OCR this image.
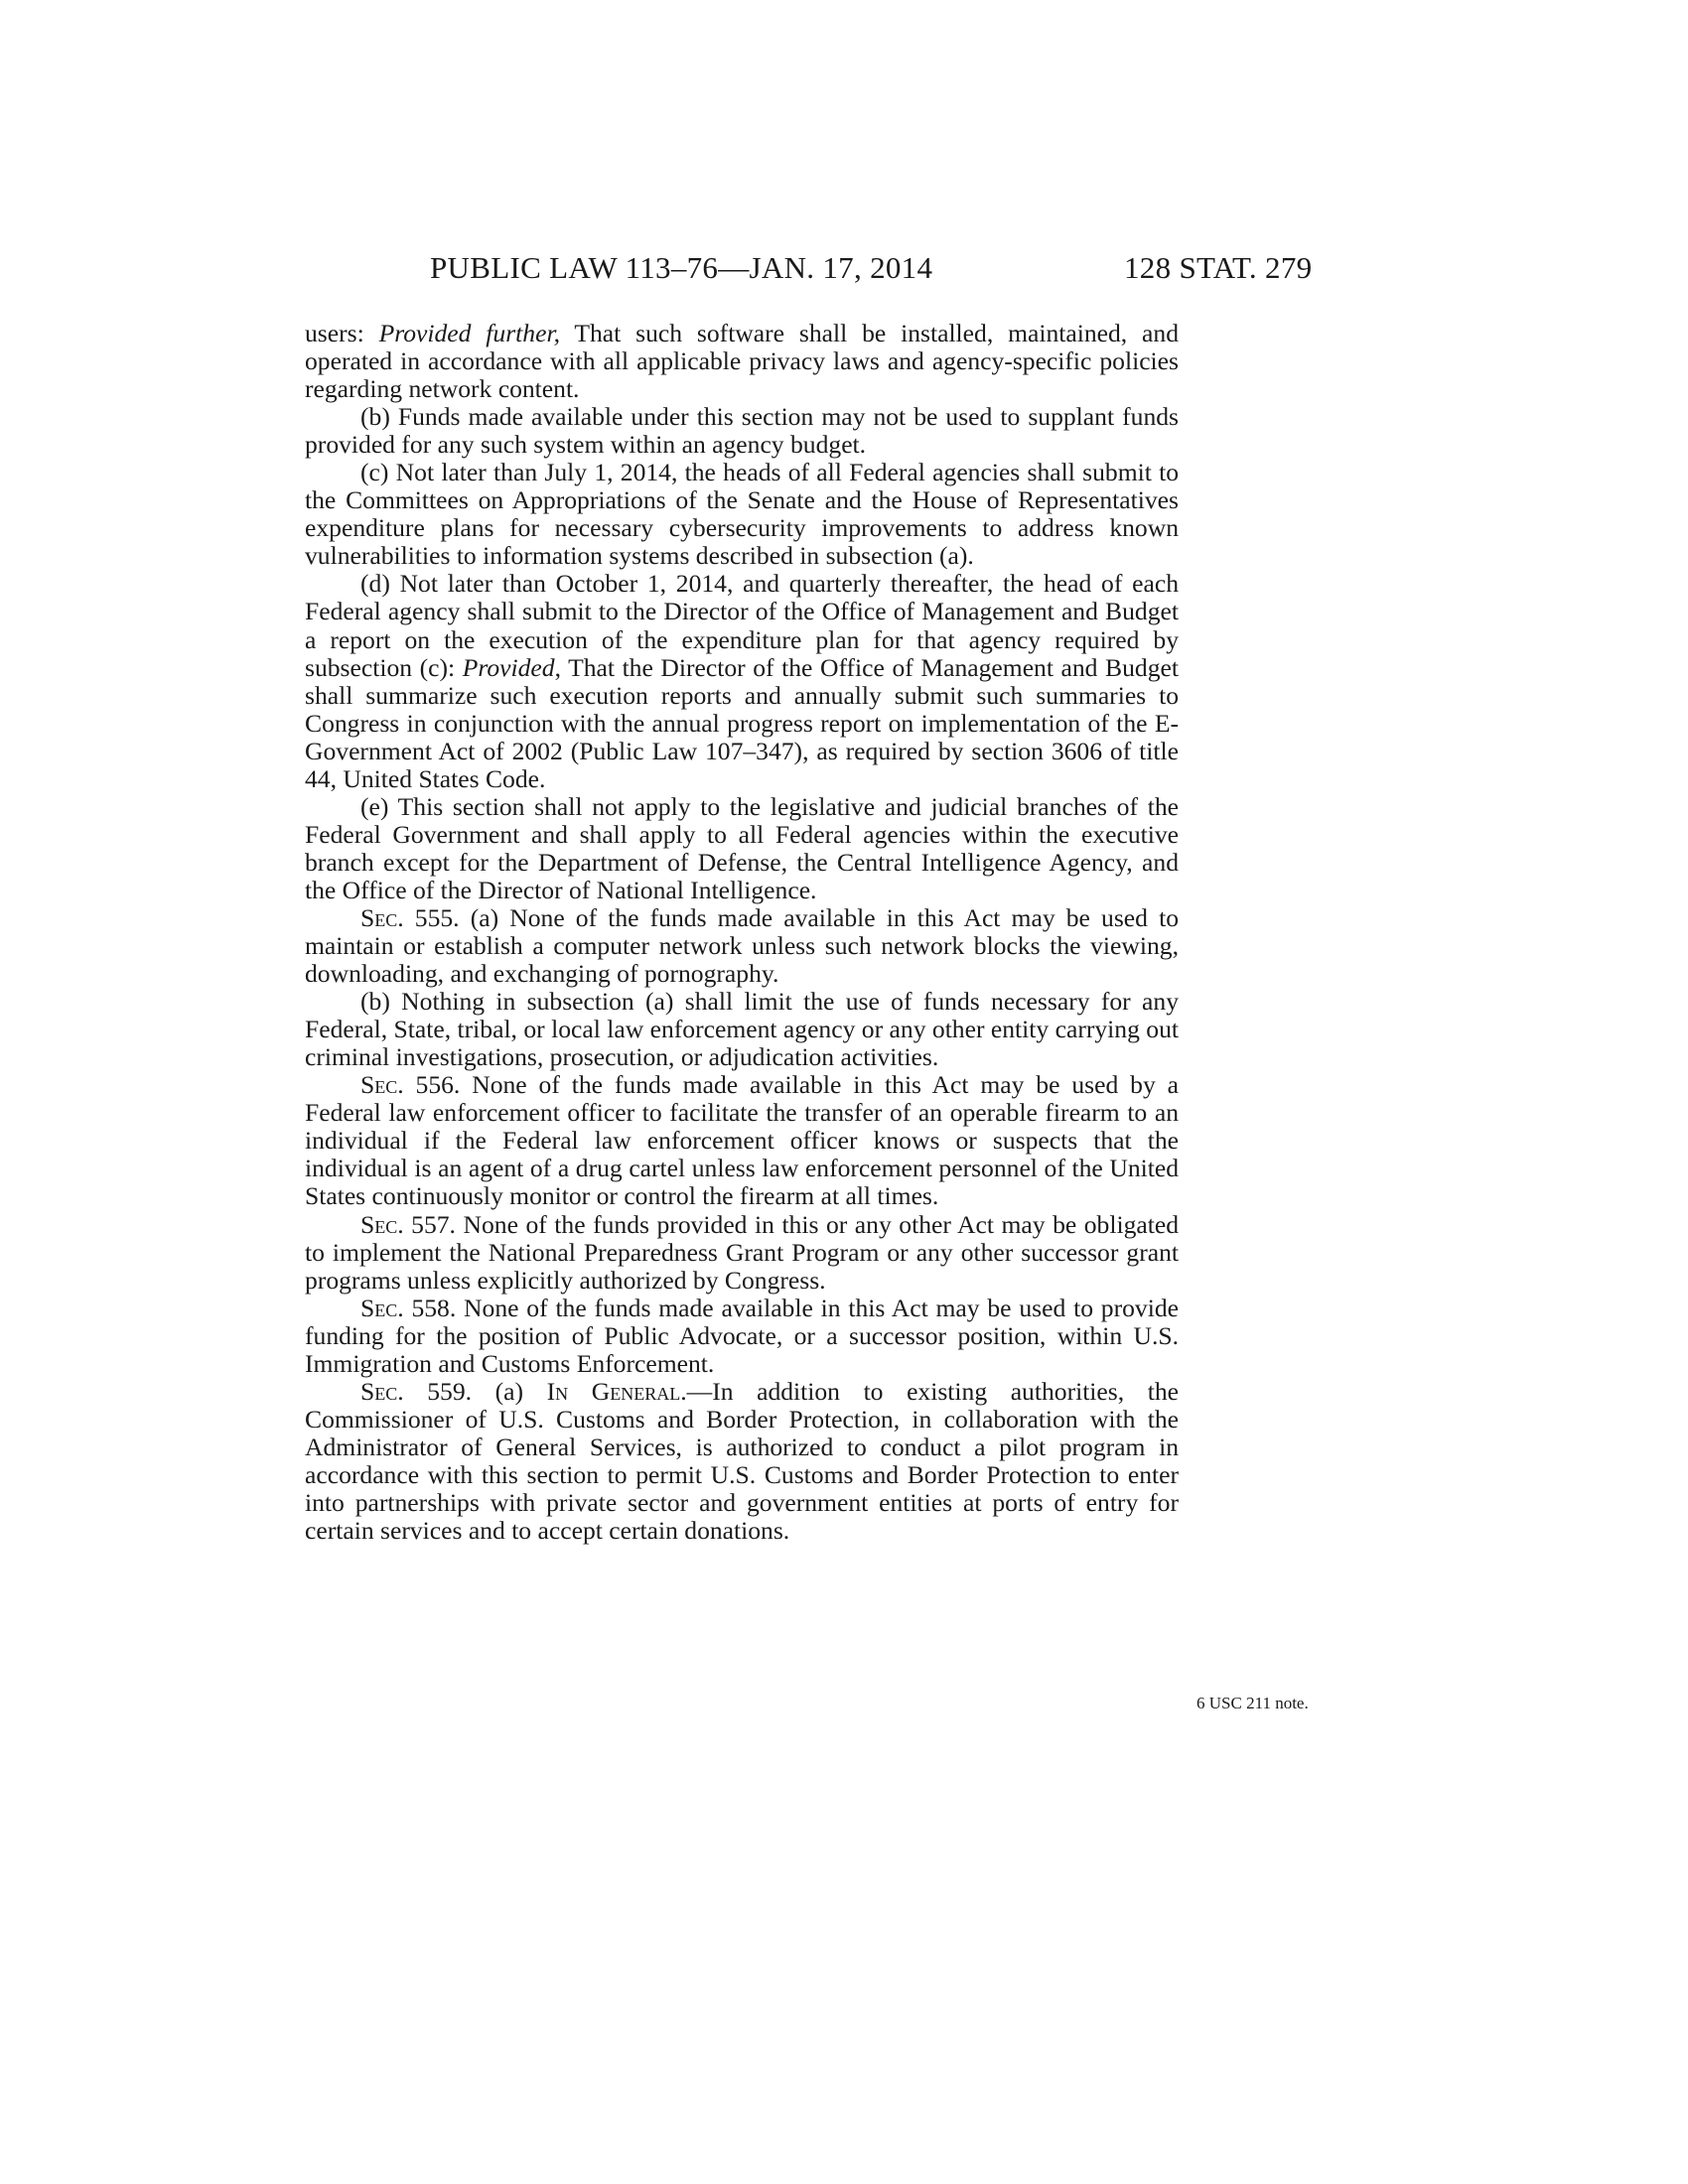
PUBLIC LAW 113–76—JAN. 17, 2014	128 STAT. 279

users: Provided further, That such software shall be installed, maintained, and operated in accordance with all applicable privacy laws and agency-specific policies regarding network content.

(b) Funds made available under this section may not be used to supplant funds provided for any such system within an agency budget.

(c) Not later than July 1, 2014, the heads of all Federal agencies shall submit to the Committees on Appropriations of the Senate and the House of Representatives expenditure plans for necessary cybersecurity improvements to address known vulnerabilities to information systems described in subsection (a).

(d) Not later than October 1, 2014, and quarterly thereafter, the head of each Federal agency shall submit to the Director of the Office of Management and Budget a report on the execution of the expenditure plan for that agency required by subsection (c): Provided, That the Director of the Office of Management and Budget shall summarize such execution reports and annually submit such summaries to Congress in conjunction with the annual progress report on implementation of the E-Government Act of 2002 (Public Law 107–347), as required by section 3606 of title 44, United States Code.

(e) This section shall not apply to the legislative and judicial branches of the Federal Government and shall apply to all Federal agencies within the executive branch except for the Department of Defense, the Central Intelligence Agency, and the Office of the Director of National Intelligence.

Sec. 555. (a) None of the funds made available in this Act may be used to maintain or establish a computer network unless such network blocks the viewing, downloading, and exchanging of pornography.

(b) Nothing in subsection (a) shall limit the use of funds necessary for any Federal, State, tribal, or local law enforcement agency or any other entity carrying out criminal investigations, prosecution, or adjudication activities.

Sec. 556. None of the funds made available in this Act may be used by a Federal law enforcement officer to facilitate the transfer of an operable firearm to an individual if the Federal law enforcement officer knows or suspects that the individual is an agent of a drug cartel unless law enforcement personnel of the United States continuously monitor or control the firearm at all times.

Sec. 557. None of the funds provided in this or any other Act may be obligated to implement the National Preparedness Grant Program or any other successor grant programs unless explicitly authorized by Congress.

Sec. 558. None of the funds made available in this Act may be used to provide funding for the position of Public Advocate, or a successor position, within U.S. Immigration and Customs Enforcement.

Sec. 559. (a) In General.—In addition to existing authorities, the Commissioner of U.S. Customs and Border Protection, in collaboration with the Administrator of General Services, is authorized to conduct a pilot program in accordance with this section to permit U.S. Customs and Border Protection to enter into partnerships with private sector and government entities at ports of entry for certain services and to accept certain donations.

6 USC 211 note.
